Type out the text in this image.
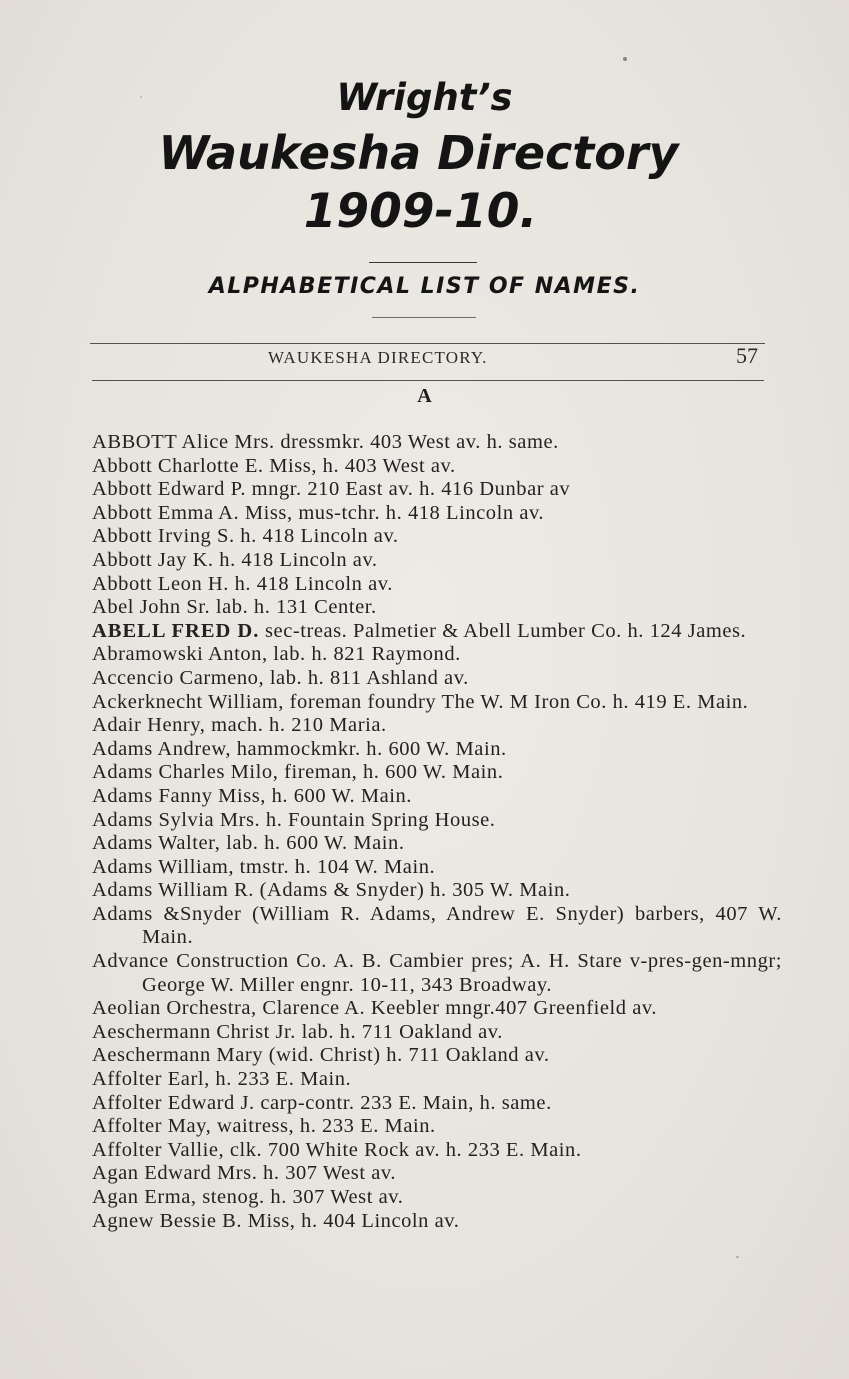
Wright’s
Waukesha Directory
1909-10.
ALPHABETICAL LIST OF NAMES.
WAUKESHA DIRECTORY.	57
A
ABBOTT Alice Mrs. dressmkr. 403 West av. h. same.
Abbott Charlotte E. Miss, h. 403 West av.
Abbott Edward P. mngr. 210 East av. h. 416 Dunbar av
Abbott Emma A. Miss, mus-tchr. h. 418 Lincoln av.
Abbott Irving S. h. 418 Lincoln av.
Abbott Jay K. h. 418 Lincoln av.
Abbott Leon H. h. 418 Lincoln av.
Abel John Sr. lab. h. 131 Center.
ABELL FRED D. sec-treas. Palmetier & Abell Lumber Co. h. 124 James.
Abramowski Anton, lab. h. 821 Raymond.
Accencio Carmeno, lab. h. 811 Ashland av.
Ackerknecht William, foreman foundry The W. M Iron Co. h. 419 E. Main.
Adair Henry, mach. h. 210 Maria.
Adams Andrew, hammockmkr. h. 600 W. Main.
Adams Charles Milo, fireman, h. 600 W. Main.
Adams Fanny Miss, h. 600 W. Main.
Adams Sylvia Mrs. h. Fountain Spring House.
Adams Walter, lab. h. 600 W. Main.
Adams William, tmstr. h. 104 W. Main.
Adams William R. (Adams & Snyder) h. 305 W. Main.
Adams &Snyder (William R. Adams, Andrew E. Snyder) barbers, 407 W. Main.
Advance Construction Co. A. B. Cambier pres; A. H. Stare v-pres-gen-mngr; George W. Miller engnr. 10-11, 343 Broadway.
Aeolian Orchestra, Clarence A. Keebler mngr.407 Greenfield av.
Aeschermann Christ Jr. lab. h. 711 Oakland av.
Aeschermann Mary (wid. Christ) h. 711 Oakland av.
Affolter Earl, h. 233 E. Main.
Affolter Edward J. carp-contr. 233 E. Main, h. same.
Affolter May, waitress, h. 233 E. Main.
Affolter Vallie, clk. 700 White Rock av. h. 233 E. Main.
Agan Edward Mrs. h. 307 West av.
Agan Erma, stenog. h. 307 West av.
Agnew Bessie B. Miss, h. 404 Lincoln av.
